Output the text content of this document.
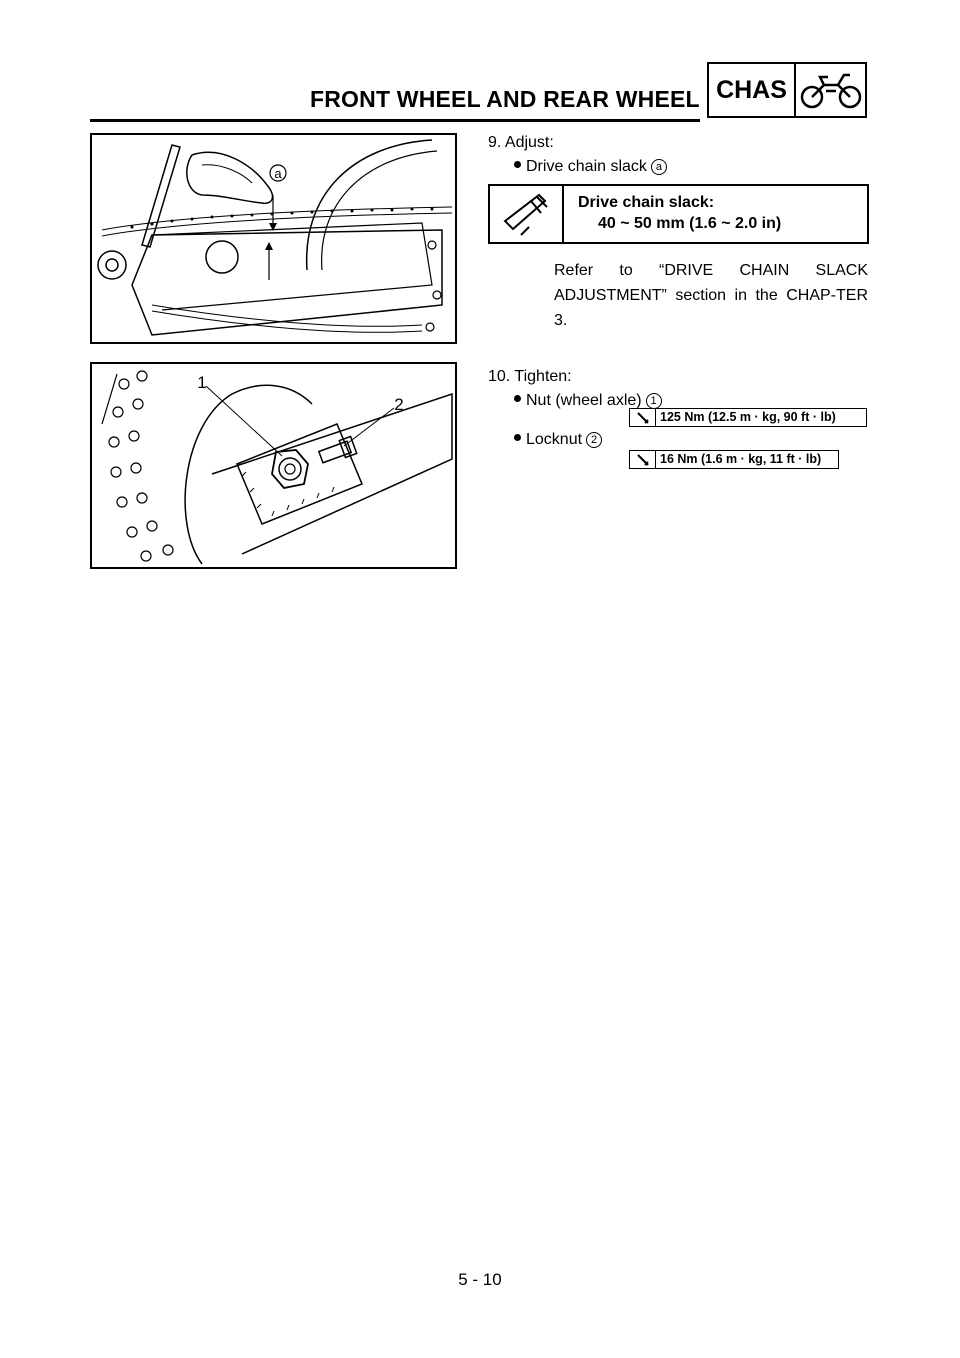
FRONT WHEEL AND REAR WHEEL CHAS
a
1
2
9. Adjust:
Drive chain slack a
Drive chain slack:
40 ~ 50 mm (1.6 ~ 2.0 in)
Refer to “DRIVE CHAIN SLACK ADJUSTMENT” section in the CHAP-TER 3.
10. Tighten:
Nut (wheel axle) 1
125 Nm (12.5 m · kg, 90 ft · lb)
Locknut 2
16 Nm (1.6 m · kg, 11 ft · lb)
5 - 10
